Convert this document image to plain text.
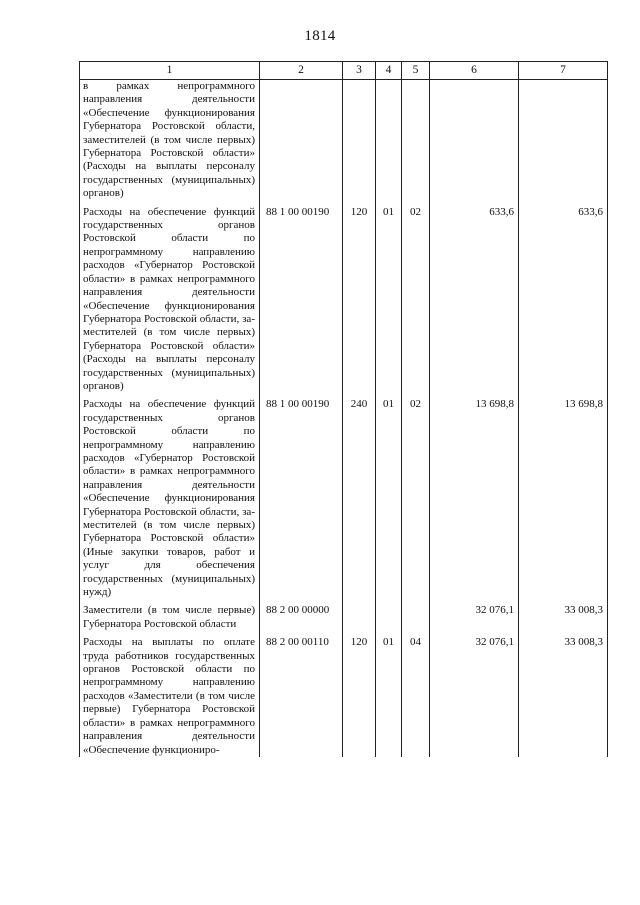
1814
1	2	3	4	5	6	7
в рамках непрограммного направления деятельности «Обеспечение функционирования Губернатора Ростовской области, заместителей (в том числе первых) Губернатора Ростовской области» (Расходы на выплаты персоналу государственных (муниципальных) органов)						
Расходы на обеспечение функций государственных органов Ростовской области по непрограммному направлению расходов «Губернатор Ростовской области» в рамках непрограммного направления деятельности «Обеспечение функционирования Губернатора Ростовской области, заместителей (в том числе первых) Губернатора Ростовской области» (Расходы на выплаты персоналу государственных (муниципальных) органов)	88 1 00 00190	120	01	02	633,6	633,6
Расходы на обеспечение функций государственных органов Ростовской области по непрограммному направлению расходов «Губернатор Ростовской области» в рамках непрограммного направления деятельности «Обеспечение функционирования Губернатора Ростовской области, заместителей (в том числе первых) Губернатора Ростовской области» (Иные закупки товаров, работ и услуг для обеспечения государственных (муниципальных) нужд)	88 1 00 00190	240	01	02	13 698,8	13 698,8
Заместители (в том числе первые) Губернатора Ростовской области	88 2 00 00000				32 076,1	33 008,3
Расходы на выплаты по оплате труда работников государственных органов Ростовской области по непрограммному направлению расходов «Заместители (в том числе первые) Губернатора Ростовской области» в рамках непрограммного направления деятельности «Обеспечение функциониро-	88 2 00 00110	120	01	04	32 076,1	33 008,3
